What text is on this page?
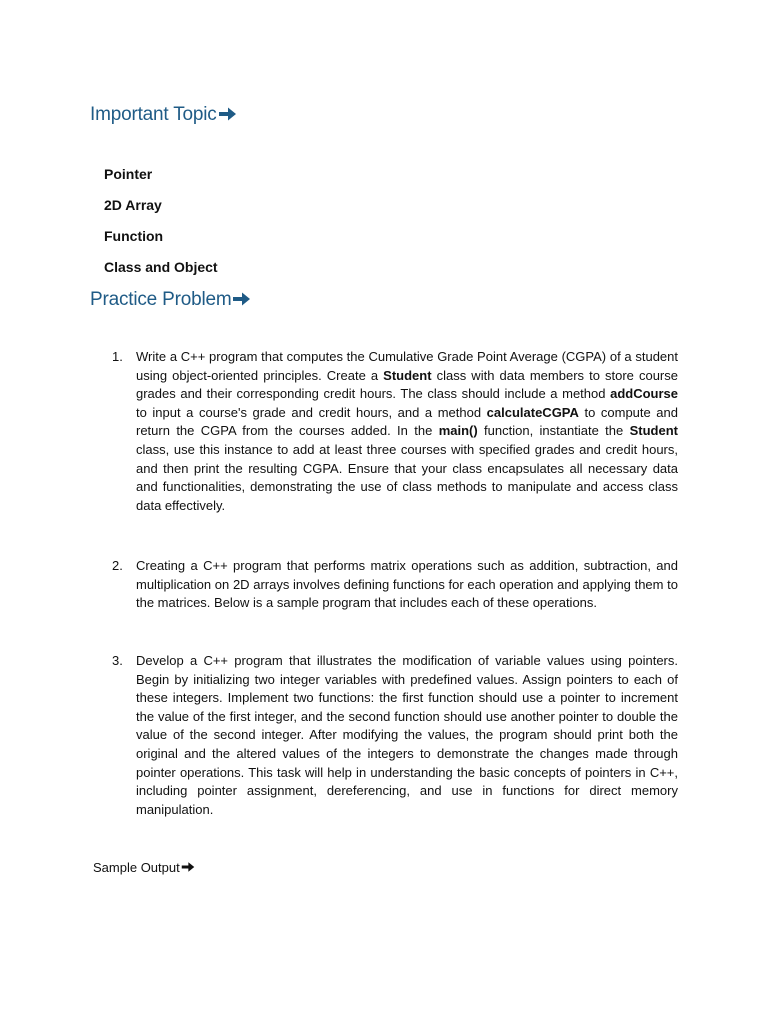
Important Topic
Pointer
2D Array
Function
Class and Object
Practice Problem
1. Write a C++ program that computes the Cumulative Grade Point Average (CGPA) of a student using object-oriented principles. Create a Student class with data members to store course grades and their corresponding credit hours. The class should include a method addCourse to input a course's grade and credit hours, and a method calculateCGPA to compute and return the CGPA from the courses added. In the main() function, instantiate the Student class, use this instance to add at least three courses with specified grades and credit hours, and then print the resulting CGPA. Ensure that your class encapsulates all necessary data and functionalities, demonstrating the use of class methods to manipulate and access class data effectively.
2. Creating a C++ program that performs matrix operations such as addition, subtraction, and multiplication on 2D arrays involves defining functions for each operation and applying them to the matrices. Below is a sample program that includes each of these operations.
3. Develop a C++ program that illustrates the modification of variable values using pointers. Begin by initializing two integer variables with predefined values. Assign pointers to each of these integers. Implement two functions: the first function should use a pointer to increment the value of the first integer, and the second function should use another pointer to double the value of the second integer. After modifying the values, the program should print both the original and the altered values of the integers to demonstrate the changes made through pointer operations. This task will help in understanding the basic concepts of pointers in C++, including pointer assignment, dereferencing, and use in functions for direct memory manipulation.
Sample Output
